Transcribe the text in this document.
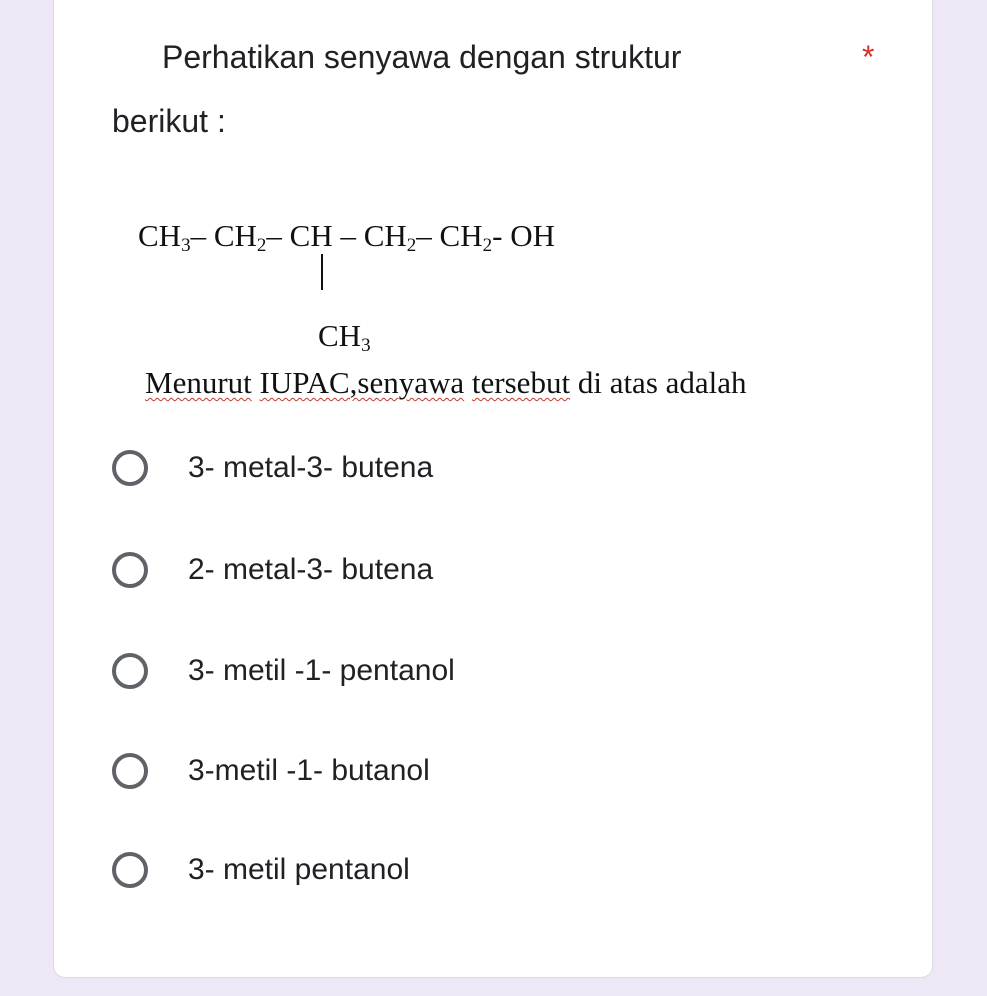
Perhatikan senyawa dengan struktur	*
berikut :
$CH_3-$ $CH_2-$ CH – $CH_2-$ $CH_2-$ OH
$CH_3$
Menurut IUPAC,senyawa tersebut di atas adalah
3- metal-3- butena
2- metal-3- butena
3- metil -1- pentanol
3-metil -1- butanol
3- metil pentanol
